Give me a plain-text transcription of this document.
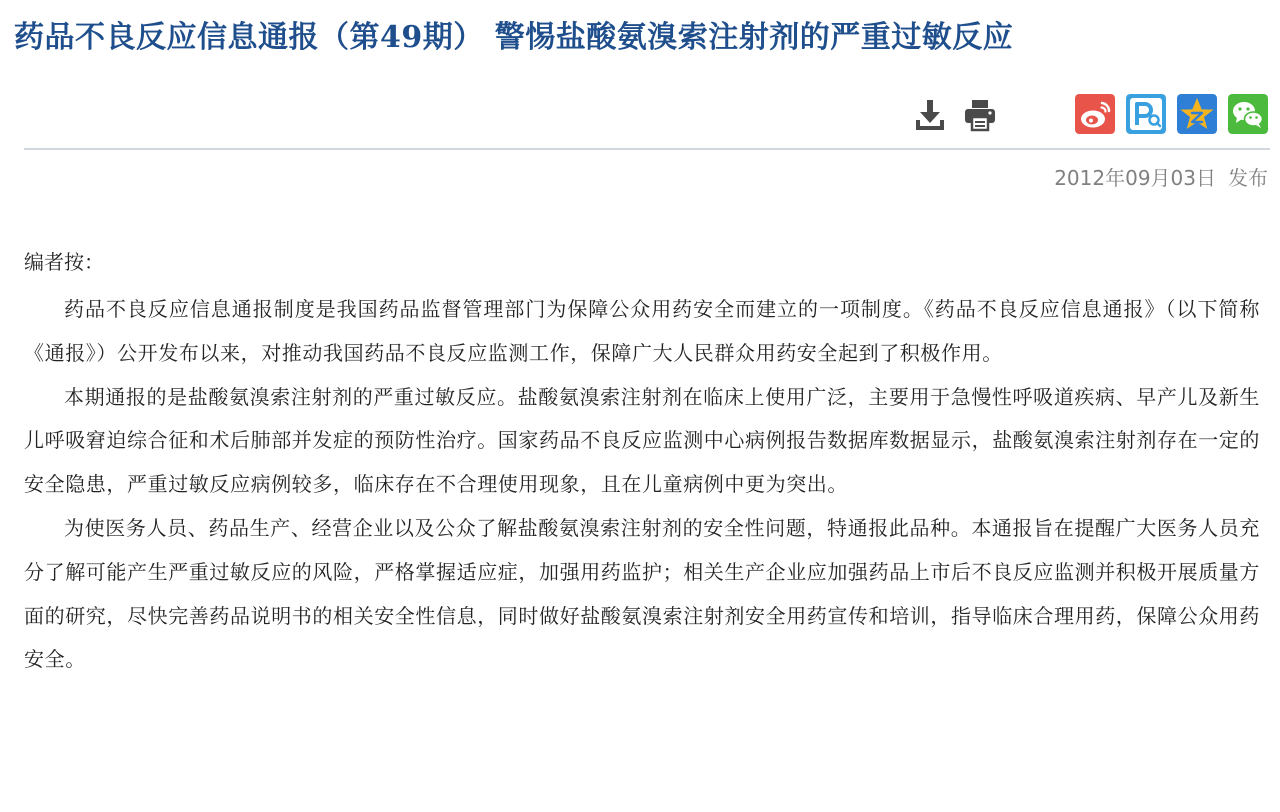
药品不良反应信息通报（第49期） 警惕盐酸氨溴索注射剂的严重过敏反应
2012年09月03日 发布

编者按：

药品不良反应信息通报制度是我国药品监督管理部门为保障公众用药安全而建立的一项制度。《药品不良反应信息通报》（以下简称《通报》）公开发布以来，对推动我国药品不良反应监测工作，保障广大人民群众用药安全起到了积极作用。

本期通报的是盐酸氨溴索注射剂的严重过敏反应。盐酸氨溴索注射剂在临床上使用广泛，主要用于急慢性呼吸道疾病、早产儿及新生儿呼吸窘迫综合征和术后肺部并发症的预防性治疗。国家药品不良反应监测中心病例报告数据库数据显示，盐酸氨溴索注射剂存在一定的安全隐患，严重过敏反应病例较多，临床存在不合理使用现象，且在儿童病例中更为突出。

为使医务人员、药品生产、经营企业以及公众了解盐酸氨溴索注射剂的安全性问题，特通报此品种。本通报旨在提醒广大医务人员充分了解可能产生严重过敏反应的风险，严格掌握适应症，加强用药监护；相关生产企业应加强药品上市后不良反应监测并积极开展质量方面的研究，尽快完善药品说明书的相关安全性信息，同时做好盐酸氨溴索注射剂安全用药宣传和培训，指导临床合理用药，保障公众用药安全。
